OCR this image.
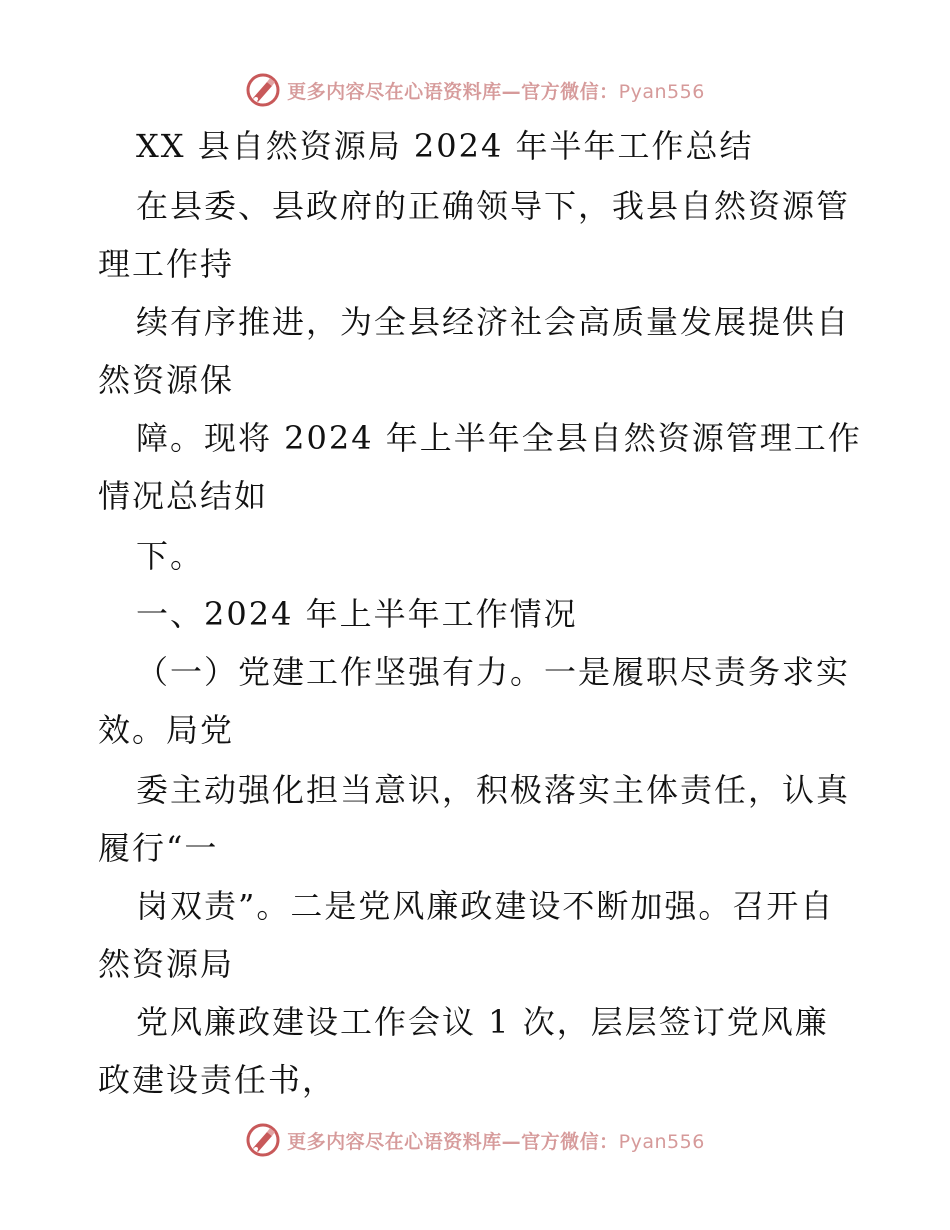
更多内容尽在心语资料库—官方微信：Pyan556
XX 县自然资源局 2024 年半年工作总结
在县委、县政府的正确领导下，我县自然资源管
理工作持
续有序推进，为全县经济社会高质量发展提供自
然资源保
障。现将 2024 年上半年全县自然资源管理工作
情况总结如
下。
一、2024 年上半年工作情况
（一）党建工作坚强有力。一是履职尽责务求实
效。局党
委主动强化担当意识，积极落实主体责任，认真
履行“一
岗双责”。二是党风廉政建设不断加强。召开自
然资源局
党风廉政建设工作会议 1 次，层层签订党风廉
政建设责任书，
更多内容尽在心语资料库—官方微信：Pyan556
